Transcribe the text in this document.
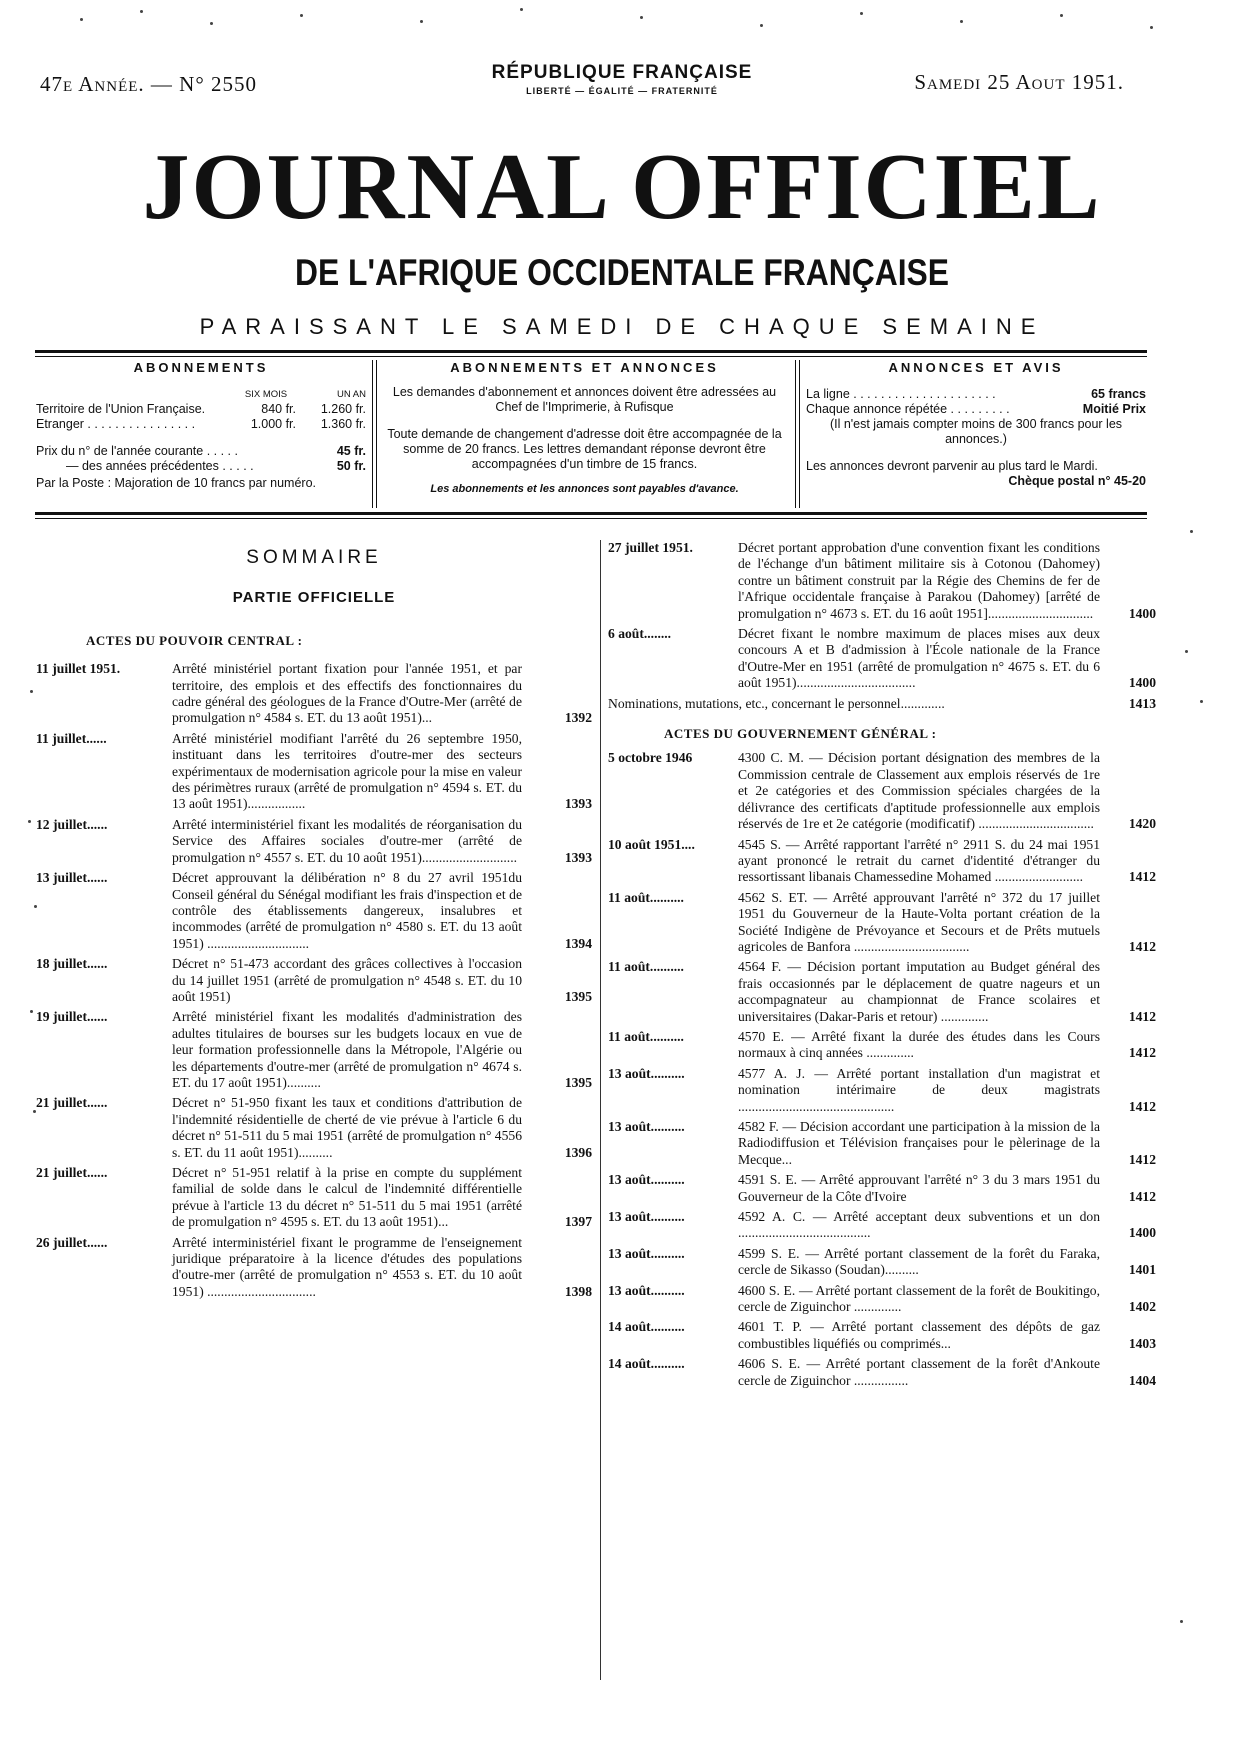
47e Année. — N° 2550	RÉPUBLIQUE FRANÇAISE
LIBERTÉ — ÉGALITÉ — FRATERNITÉ	Samedi 25 Aout 1951.
JOURNAL OFFICIEL
DE L'AFRIQUE OCCIDENTALE FRANÇAISE
PARAISSANT LE SAMEDI DE CHAQUE SEMAINE
ABONNEMENTS
SIX MOIS	UN AN
Territoire de l'Union Française.	840 fr.	1.260 fr.
Etranger . . . . . . . . . . . . . . . .	1.000 fr.	1.360 fr.
Prix du n° de l'année courante . . . . .	45 fr.
— des années précédentes . . . . .	50 fr.
Par la Poste : Majoration de 10 francs par numéro.
ABONNEMENTS ET ANNONCES
Les demandes d'abonnement et annonces doivent être adressées au Chef de l'Imprimerie, à Rufisque
Toute demande de changement d'adresse doit être accompagnée de la somme de 20 francs. Les lettres demandant réponse devront être accompagnées d'un timbre de 15 francs.
Les abonnements et les annonces sont payables d'avance.
ANNONCES ET AVIS
La ligne . . . . . . . . . . . . . . . . . . . . .	65 francs
Chaque annonce répétée . . . . . . . . .	Moitié Prix
(Il n'est jamais compter moins de 300 francs pour les annonces.)
Les annonces devront parvenir au plus tard le Mardi.
Chèque postal n° 45-20
SOMMAIRE
PARTIE OFFICIELLE
ACTES DU POUVOIR CENTRAL :
11 juillet 1951.	Arrêté ministériel portant fixation pour l'année 1951, et par territoire, des emplois et des effectifs des fonctionnaires du cadre général des géologues de la France d'Outre-Mer (arrêté de promulgation n° 4584 s. ET. du 13 août 1951)...	1392
11 juillet......	Arrêté ministériel modifiant l'arrêté du 26 septembre 1950, instituant dans les territoires d'outre-mer des secteurs expérimentaux de modernisation agricole pour la mise en valeur des périmètres ruraux (arrêté de promulgation n° 4594 s. ET. du 13 août 1951).................	1393
12 juillet......	Arrêté interministériel fixant les modalités de réorganisation du Service des Affaires sociales d'outre-mer (arrêté de promulgation n° 4557 s. ET. du 10 août 1951)............................	1393
13 juillet......	Décret approuvant la délibération n° 8 du 27 avril 1951du Conseil général du Sénégal modifiant les frais d'inspection et de contrôle des établissements dangereux, insalubres et incommodes (arrêté de promulgation n° 4580 s. ET. du 13 août 1951) ..............................	1394
18 juillet......	Décret n° 51-473 accordant des grâces collectives à l'occasion du 14 juillet 1951 (arrêté de promulgation n° 4548 s. ET. du 10 août 1951)	1395
19 juillet......	Arrêté ministériel fixant les modalités d'administration des adultes titulaires de bourses sur les budgets locaux en vue de leur formation professionnelle dans la Métropole, l'Algérie ou les départements d'outre-mer (arrêté de promulgation n° 4674 s. ET. du 17 août 1951)..........	1395
21 juillet......	Décret n° 51-950 fixant les taux et conditions d'attribution de l'indemnité résidentielle de cherté de vie prévue à l'article 6 du décret n° 51-511 du 5 mai 1951 (arrêté de promulgation n° 4556 s. ET. du 11 août 1951)..........	1396
21 juillet......	Décret n° 51-951 relatif à la prise en compte du supplément familial de solde dans le calcul de l'indemnité différentielle prévue à l'article 13 du décret n° 51-511 du 5 mai 1951 (arrêté de promulgation n° 4595 s. ET. du 13 août 1951)...	1397
26 juillet......	Arrêté interministériel fixant le programme de l'enseignement juridique préparatoire à la licence d'études des populations d'outre-mer (arrêté de promulgation n° 4553 s. ET. du 10 août 1951) ................................	1398
27 juillet 1951.	Décret portant approbation d'une convention fixant les conditions de l'échange d'un bâtiment militaire sis à Cotonou (Dahomey) contre un bâtiment construit par la Régie des Chemins de fer de l'Afrique occidentale française à Parakou (Dahomey) [arrêté de promulgation n° 4673 s. ET. du 16 août 1951]...............................	1400
6 août........	Décret fixant le nombre maximum de places mises aux deux concours A et B d'admission à l'École nationale de la France d'Outre-Mer en 1951 (arrêté de promulgation n° 4675 s. ET. du 6 août 1951)...................................	1400
Nominations, mutations, etc., concernant le personnel.............	1413
ACTES DU GOUVERNEMENT GÉNÉRAL :
5 octobre 1946	4300 C. M. — Décision portant désignation des membres de la Commission centrale de Classement aux emplois réservés de 1re et 2e catégories et des Commission spéciales chargées de la délivrance des certificats d'aptitude professionnelle aux emplois réservés de 1re et 2e catégorie (modificatif) ..................................	1420
10 août 1951....	4545 S. — Arrêté rapportant l'arrêté n° 2911 S. du 24 mai 1951 ayant prononcé le retrait du carnet d'identité d'étranger du ressortissant libanais Chamessedine Mohamed ..........................	1412
11 août..........	4562 S. ET. — Arrêté approuvant l'arrêté n° 372 du 17 juillet 1951 du Gouverneur de la Haute-Volta portant création de la Société Indigène de Prévoyance et Secours et de Prêts mutuels agricoles de Banfora ..................................	1412
11 août..........	4564 F. — Décision portant imputation au Budget général des frais occasionnés par le déplacement de quatre nageurs et un accompagnateur au championnat de France scolaires et universitaires (Dakar-Paris et retour) ..............	1412
11 août..........	4570 E. — Arrêté fixant la durée des études dans les Cours normaux à cinq années ..............	1412
13 août..........	4577 A. J. — Arrêté portant installation d'un magistrat et nomination intérimaire de deux magistrats ..............................................	1412
13 août..........	4582 F. — Décision accordant une participation à la mission de la Radiodiffusion et Télévision françaises pour le pèlerinage de la Mecque...	1412
13 août..........	4591 S. E. — Arrêté approuvant l'arrêté n° 3 du 3 mars 1951 du Gouverneur de la Côte d'Ivoire	1412
13 août..........	4592 A. C. — Arrêté acceptant deux subventions et un don .......................................	1400
13 août..........	4599 S. E. — Arrêté portant classement de la forêt du Faraka, cercle de Sikasso (Soudan)..........	1401
13 août..........	4600 S. E. — Arrêté portant classement de la forêt de Boukitingo, cercle de Ziguinchor ..............	1402
14 août..........	4601 T. P. — Arrêté portant classement des dépôts de gaz combustibles liquéfiés ou comprimés...	1403
14 août..........	4606 S. E. — Arrêté portant classement de la forêt d'Ankoute cercle de Ziguinchor ................	1404
